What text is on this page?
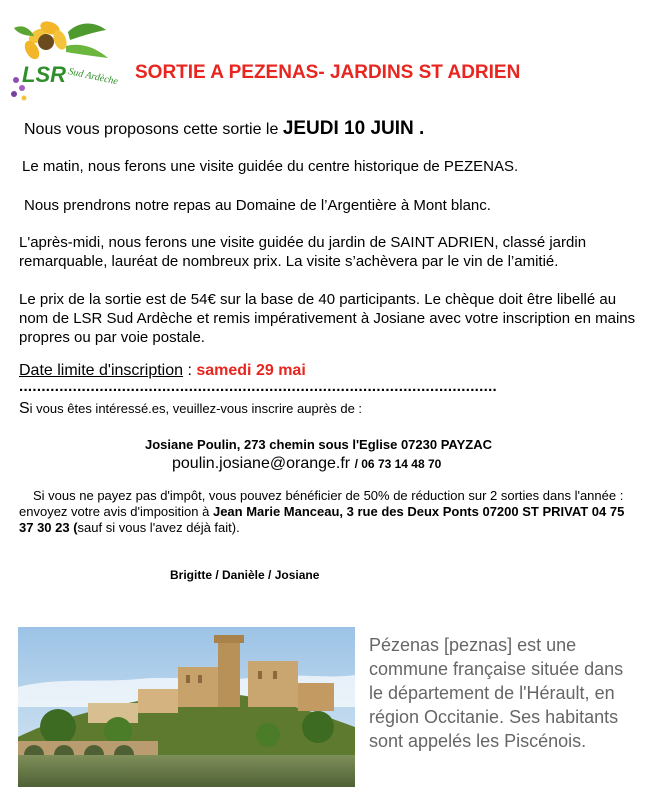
LSR Sud Ardèche SORTIE A PEZENAS- JARDINS ST ADRIEN
Nous vous proposons cette sortie le JEUDI 10 JUIN .
Le matin, nous ferons une visite guidée du centre historique de PEZENAS.
Nous prendrons notre repas au Domaine de l’Argentière à Mont blanc.
L'après-midi, nous ferons une visite guidée du jardin de SAINT ADRIEN, classé jardin remarquable, lauréat de nombreux prix. La visite s’achèvera par le vin de l’amitié.
Le prix de la sortie est de 54€ sur la base de 40 participants. Le chèque doit être libellé au nom de LSR Sud Ardèche et remis impérativement à Josiane avec votre inscription en mains propres ou par voie postale.
Date limite d'inscription : samedi 29 mai
...........................................................................................................
Si vous êtes intéressé.es, veuillez-vous inscrire auprès de :
Josiane Poulin, 273 chemin sous l'Eglise 07230 PAYZAC
poulin.josiane@orange.fr / 06 73 14 48 70
Si vous ne payez pas d'impôt, vous pouvez bénéficier de 50% de réduction sur 2 sorties dans l'année : envoyez votre avis d'imposition à Jean Marie Manceau, 3 rue des Deux Ponts 07200 ST PRIVAT 04 75 37 30 23 (sauf si vous l'avez déjà fait).
Brigitte / Danièle / Josiane
Pézenas [peznas] est une commune française située dans le département de l'Hérault, en région Occitanie. Ses habitants sont appelés les Piscénois.
